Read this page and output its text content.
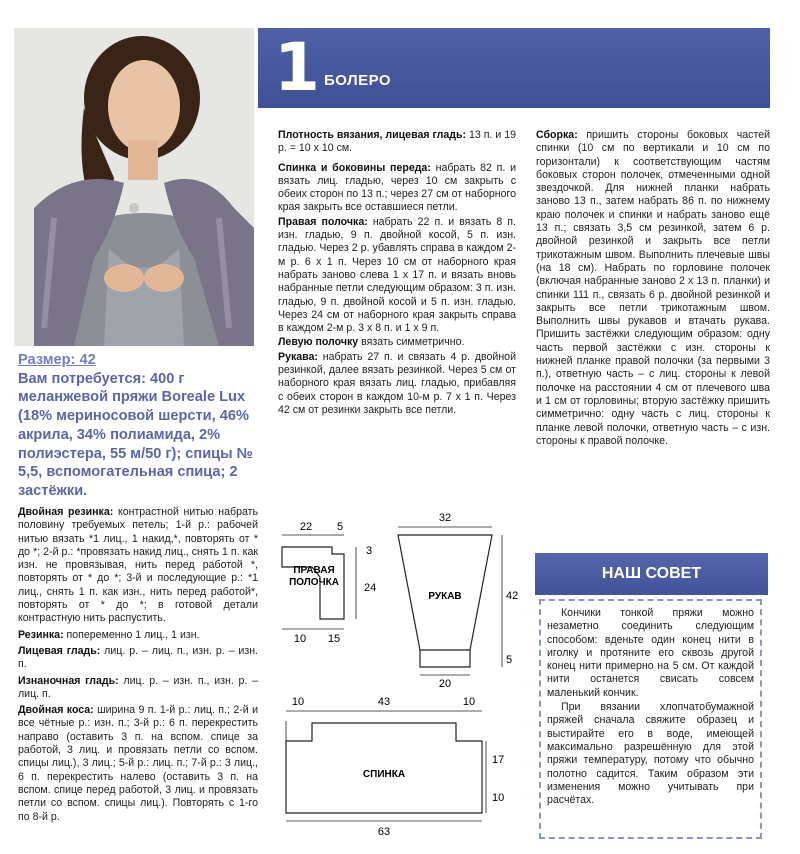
1 БОЛЕРО
Размер: 42
Вам потребуется: 400 г меланжевой пряжи Boreale Lux (18% мериносовой шерсти, 46% акрила, 34% полиамида, 2% полиэстера, 55 м/50 г); спицы № 5,5, вспомогательная спица; 2 застёжки.

Плотность вязания, лицевая гладь: 13 п. и 19 р. = 10 х 10 см.

Спинка и боковины переда: набрать 82 п. и вязать лиц. гладью, через 10 см закрыть с обеих сторон по 13 п.; через 27 см от наборного края закрыть все оставшиеся петли.

Правая полочка: набрать 22 п. и вязать 8 п. изн. гладью, 9 п. двойной косой, 5 п. изн. гладью. Через 2 р. убавлять справа в каждом 2-м р. 6 х 1 п. Через 10 см от наборного края набрать заново слева 1 х 17 п. и вязать вновь набранные петли следующим образом: 3 п. изн. гладью, 9 п. двойной косой и 5 п. изн. гладью. Через 24 см от наборного края закрыть справа в каждом 2-м р. 3 х 8 п. и 1 х 9 п.

Левую полочку вязать симметрично.

Рукава: набрать 27 п. и связать 4 р. двойной резинкой, далее вязать резинкой. Через 5 см от наборного края вязать лиц. гладью, прибавляя с обеих сторон в каждом 10-м р. 7 х 1 п. Через 42 см от резинки закрыть все петли.

Сборка: пришить стороны боковых частей спинки (10 см по вертикали и 10 см по горизонтали) к соответствующим частям боковых сторон полочек, отмеченными одной звездочкой. Для нижней планки набрать заново 13 п., затем набрать 86 п. по нижнему краю полочек и спинки и набрать заново ещё 13 п.; связать 3,5 см резинкой, затем 6 р. двойной резинкой и закрыть все петли трикотажным швом. Выполнить плечевые швы (на 18 см). Набрать по горловине полочек (включая набранные заново 2 х 13 п. планки) и спинки 111 п., связать 6 р. двойной резинкой и закрыть все петли трикотажным швом. Выполнить швы рукавов и втачать рукава. Пришить застёжки следующим образом: одну часть первой застёжки с изн. стороны к нижней планке правой полочки (за первыми 3 п.), ответную часть – с лиц. стороны к левой полочке на расстоянии 4 см от плечевого шва и 1 см от горловины; вторую застёжку пришить симметрично: одну часть с лиц. стороны к планке левой полочки, ответную часть – с изн. стороны к правой полочке.

Двойная резинка: контрастной нитью набрать половину требуемых петель; 1-й р.: рабочей нитью вязать *1 лиц., 1 накид,*, повторять от * до *; 2-й р.: *провязать накид лиц., снять 1 п. как изн. не провязывая, нить перед работой *, повторять от * до *; 3-й и последующие р.: *1 лиц., снять 1 п. как изн., нить перед работой*, повторять от * до *; в готовой детали контрастную нить распустить.

Резинка: попеременно 1 лиц., 1 изн.

Лицевая гладь: лиц. р. – лиц. п., изн. р. – изн. п.

Изнаночная гладь: лиц. р. – изн. п., изн. р. – лиц. п.

Двойная коса: ширина 9 п. 1-й р.: лиц. п.; 2-й и все чётные р.: изн. п.; 3-й р.: 6 п. перекрестить направо (оставить 3 п. на вспом. спице за работой, 3 лиц. и провязать петли со вспом. спицы лиц.), 3 лиц.; 5-й р.: лиц. п.; 7-й р.: 3 лиц., 6 п. перекрестить налево (оставить 3 п. на вспом. спице перед работой, 3 лиц. и провязать петли со вспом. спицы лиц.). Повторять с 1-го по 8-й р.

ПРАВАЯ
ПОЛОЧКА
22 5
3
24
10 15
РУКАВ
32
42
5
20
СПИНКА
10	43	10
17
10
63
НАШ СОВЕТ

Кончики тонкой пряжи можно незаметно соединить следующим способом: вденьте один конец нити в иголку и протяните его сквозь другой конец нити примерно на 5 см. От каждой нити останется свисать совсем маленький кончик.

При вязании хлопчатобумажной пряжей сначала свяжите образец и выстирайте его в воде, имеющей максимально разрешённую для этой пряжи температуру, потому что обычно полотно садится. Таким образом эти изменения можно учитывать при расчётах.
